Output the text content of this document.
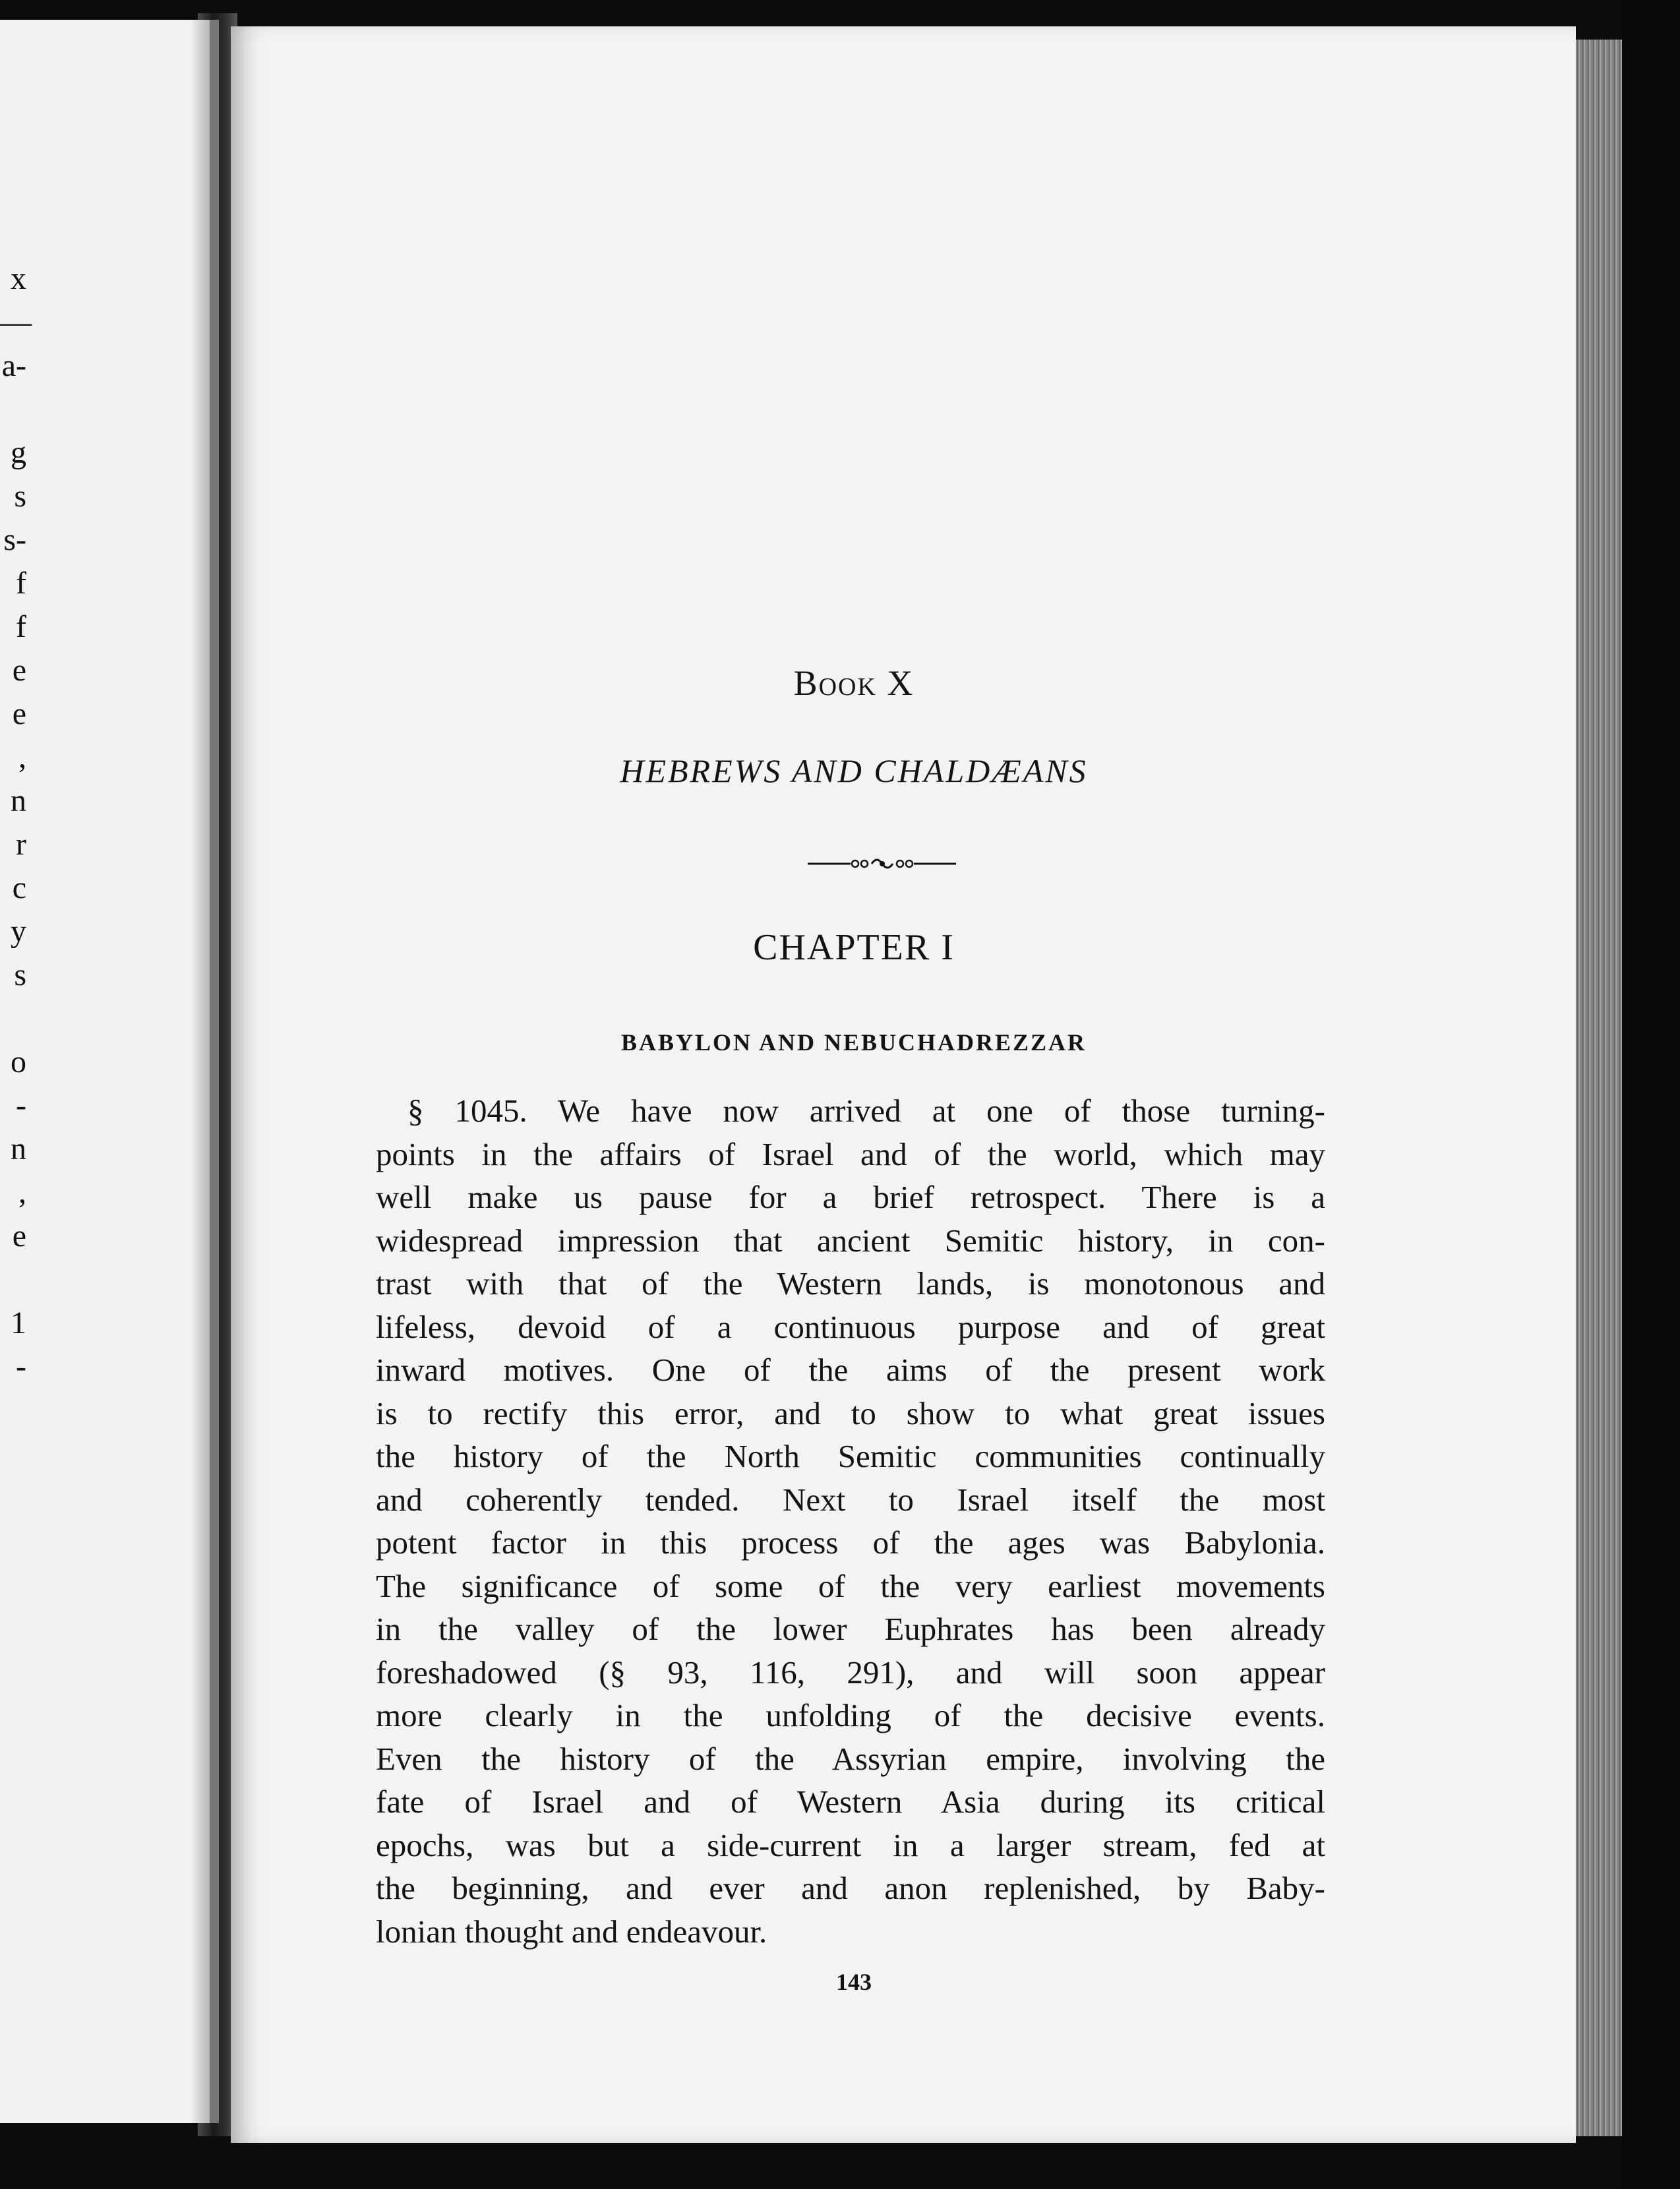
x
—
a-
g
s
s-
f
f
e
e
,
n
r
c
y
s
o
-
n
,
e
1
-
Book X
HEBREWS AND CHALDÆANS
CHAPTER I
BABYLON AND NEBUCHADREZZAR

§ 1045. We have now arrived at one of those turning-
points in the affairs of Israel and of the world, which may
well make us pause for a brief retrospect. There is a
widespread impression that ancient Semitic history, in con-
trast with that of the Western lands, is monotonous and
lifeless, devoid of a continuous purpose and of great
inward motives. One of the aims of the present work
is to rectify this error, and to show to what great issues
the history of the North Semitic communities continually
and coherently tended. Next to Israel itself the most
potent factor in this process of the ages was Babylonia.
The significance of some of the very earliest movements
in the valley of the lower Euphrates has been already
foreshadowed (§ 93, 116, 291), and will soon appear
more clearly in the unfolding of the decisive events.
Even the history of the Assyrian empire, involving the
fate of Israel and of Western Asia during its critical
epochs, was but a side-current in a larger stream, fed at
the beginning, and ever and anon replenished, by Baby-
lonian thought and endeavour.

143
